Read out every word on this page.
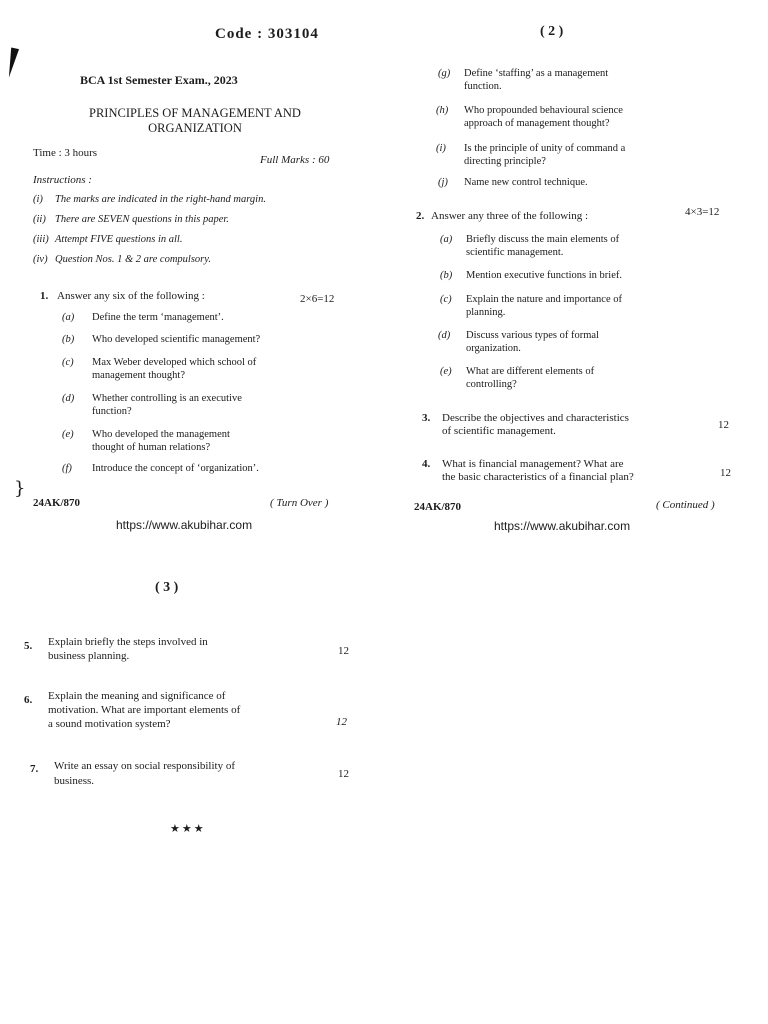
}
Code : 303104
BCA 1st Semester Exam., 2023
PRINCIPLES OF MANAGEMENT AND
ORGANIZATION
Time : 3 hours
Full Marks : 60
Instructions :
(i) The marks are indicated in the right-hand margin.
(ii) There are SEVEN questions in this paper.
(iii) Attempt FIVE questions in all.
(iv) Question Nos. 1 & 2 are compulsory.
1. Answer any six of the following :	2×6=12
(a) Define the term ‘management’.
(b) Who developed scientific management?
(c) Max Weber developed which school of
management thought?
(d) Whether controlling is an executive
function?
(e) Who developed the management
thought of human relations?
(f) Introduce the concept of ‘organization’.
24AK/870	( Turn Over )
https://www.akubihar.com
( 2 )
(g) Define ‘staffing’ as a management
function.
(h) Who propounded behavioural science
approach of management thought?
(i) Is the principle of unity of command a
directing principle?
(j) Name new control technique.
2. Answer any three of the following :	4×3=12
(a) Briefly discuss the main elements of
scientific management.
(b) Mention executive functions in brief.
(c) Explain the nature and importance of
planning.
(d) Discuss various types of formal
organization.
(e) What are different elements of
controlling?
3. Describe the objectives and characteristics
of scientific management.	12
4. What is financial management? What are
the basic characteristics of a financial plan?	12
24AK/870	( Continued )
https://www.akubihar.com
( 3 )
5. Explain briefly the steps involved in
business planning.	12
6. Explain the meaning and significance of
motivation. What are important elements of
a sound motivation system?	12
7. Write an essay on social responsibility of
business.
12
★★★
